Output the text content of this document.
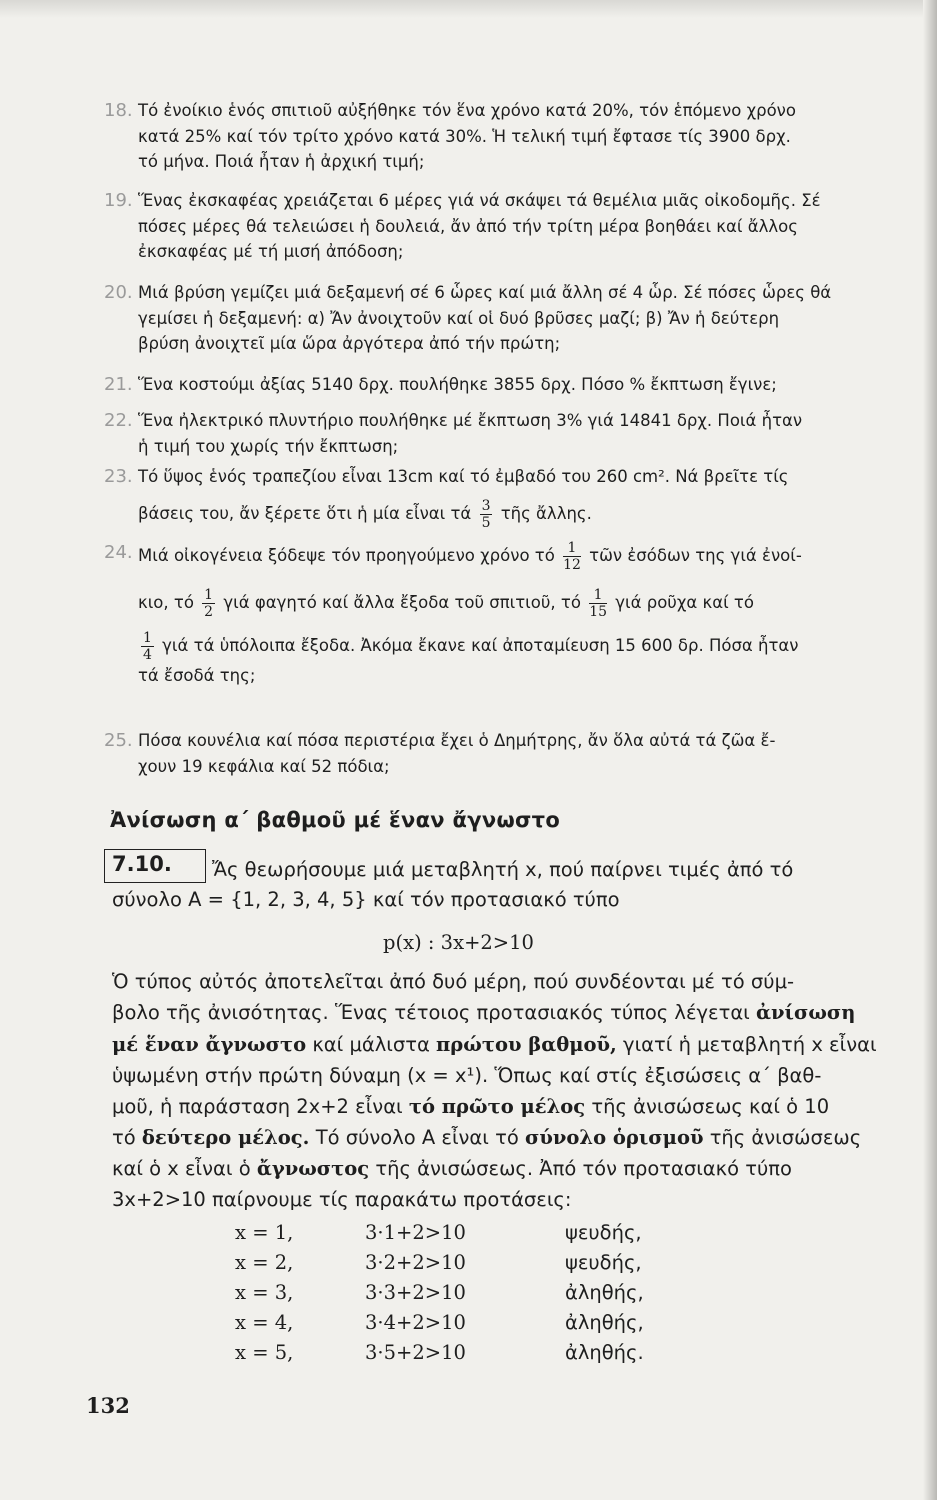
18. Τό ἐνοίκιο ἑνός σπιτιοῦ αὐξήθηκε τόν ἕνα χρόνο κατά 20%, τόν ἑπόμενο χρόνο
κατά 25% καί τόν τρίτο χρόνο κατά 30%. Ἡ τελική τιμή ἔφτασε τίς 3900 δρχ.
τό μήνα. Ποιά ἦταν ἡ ἀρχική τιμή;
19. Ἕνας ἐκσκαφέας χρειάζεται 6 μέρες γιά νά σκάψει τά θεμέλια μιᾶς οἰκοδομῆς. Σέ
πόσες μέρες θά τελειώσει ἡ δουλειά, ἄν ἀπό τήν τρίτη μέρα βοηθάει καί ἄλλος
ἐκσκαφέας μέ τή μισή ἀπόδοση;
20. Μιά βρύση γεμίζει μιά δεξαμενή σέ 6 ὧρες καί μιά ἄλλη σέ 4 ὧρ. Σέ πόσες ὧρες θά
γεμίσει ἡ δεξαμενή: α) Ἄν ἀνοιχτοῦν καί οἱ δυό βρῦσες μαζί; β) Ἄν ἡ δεύτερη
βρύση ἀνοιχτεῖ μία ὥρα ἀργότερα ἀπό τήν πρώτη;
21. Ἕνα κοστούμι ἀξίας 5140 δρχ. πουλήθηκε 3855 δρχ. Πόσο % ἔκπτωση ἔγινε;
22. Ἕνα ἠλεκτρικό πλυντήριο πουλήθηκε μέ ἔκπτωση 3% γιά 14841 δρχ. Ποιά ἦταν
ἡ τιμή του χωρίς τήν ἔκπτωση;
23. Τό ὕψος ἑνός τραπεζίου εἶναι 13cm καί τό ἐμβαδό του 260 cm². Νά βρεῖτε τίς
βάσεις του, ἄν ξέρετε ὅτι ἡ μία εἶναι τά $\frac{3}{5}$ τῆς ἄλλης.
24. Μιά οἰκογένεια ξόδεψε τόν προηγούμενο χρόνο τό $\frac{1}{12}$ τῶν ἐσόδων της γιά ἐνοί-
κιο, τό $\frac{1}{2}$ γιά φαγητό καί ἄλλα ἔξοδα τοῦ σπιτιοῦ, τό $\frac{1}{15}$ γιά ροῦχα καί τό
$\frac{1}{4}$ γιά τά ὑπόλοιπα ἔξοδα. Ἀκόμα ἔκανε καί ἀποταμίευση 15 600 δρ. Πόσα ἦταν
τά ἔσοδά της;
25. Πόσα κουνέλια καί πόσα περιστέρια ἔχει ὁ Δημήτρης, ἄν ὅλα αὐτά τά ζῶα ἔ-
χουν 19 κεφάλια καί 52 πόδια;
Ἀνίσωση α΄ βαθμοῦ μέ ἕναν ἄγνωστο
7.10. Ἄς θεωρήσουμε μιά μεταβλητή x, πού παίρνει τιμές ἀπό τό
σύνολο A = {1, 2, 3, 4, 5} καί τόν προτασιακό τύπο
p(x) : 3x+2>10
Ὁ τύπος αὐτός ἀποτελεῖται ἀπό δυό μέρη, πού συνδέονται μέ τό σύμ-
βολο τῆς ἀνισότητας. Ἕνας τέτοιος προτασιακός τύπος λέγεται ἀνίσωση
μέ ἕναν ἄγνωστο καί μάλιστα πρώτου βαθμοῦ, γιατί ἡ μεταβλητή x εἶναι
ὑψωμένη στήν πρώτη δύναμη (x = x¹). Ὅπως καί στίς ἐξισώσεις α΄ βαθ-
μοῦ, ἡ παράσταση 2x+2 εἶναι τό πρῶτο μέλος τῆς ἀνισώσεως καί ὁ 10
τό δεύτερο μέλος. Τό σύνολο A εἶναι τό σύνολο ὁρισμοῦ τῆς ἀνισώσεως
καί ὁ x εἶναι ὁ ἄγνωστος τῆς ἀνισώσεως. Ἀπό τόν προτασιακό τύπο
3x+2>10 παίρνουμε τίς παρακάτω προτάσεις:
x = 1,	3·1+2>10	ψευδής,
x = 2,	3·2+2>10	ψευδής,
x = 3,	3·3+2>10	ἀληθής,
x = 4,	3·4+2>10	ἀληθής,
x = 5,	3·5+2>10	ἀληθής.
132
